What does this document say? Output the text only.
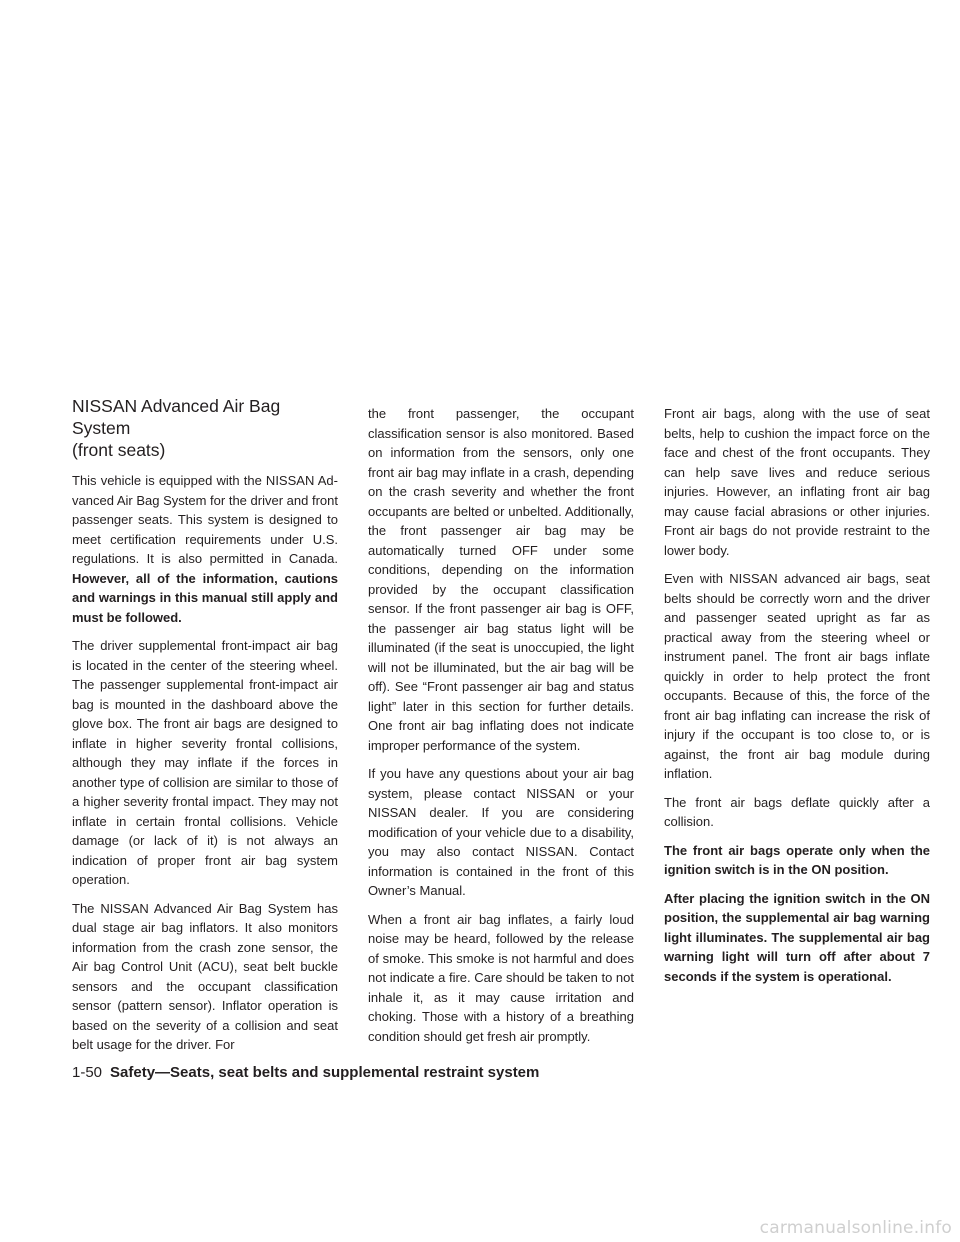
NISSAN Advanced Air Bag System
(front seats)

This vehicle is equipped with the NISSAN Advanced Air Bag System for the driver and front passenger seats. This system is designed to meet certification requirements under U.S. regulations. It is also permitted in Canada. However, all of the information, cautions and warnings in this manual still apply and must be followed.

The driver supplemental front-impact air bag is located in the center of the steering wheel. The passenger supplemental front-impact air bag is mounted in the dashboard above the glove box. The front air bags are designed to inflate in higher severity frontal collisions, although they may inflate if the forces in another type of collision are similar to those of a higher severity frontal impact. They may not inflate in certain frontal collisions. Vehicle damage (or lack of it) is not always an indication of proper front air bag system operation.

The NISSAN Advanced Air Bag System has dual stage air bag inflators. It also monitors information from the crash zone sensor, the Air bag Control Unit (ACU), seat belt buckle sensors and the occupant classification sensor (pattern sensor). Inflator operation is based on the severity of a collision and seat belt usage for the driver. For

the front passenger, the occupant classification sensor is also monitored. Based on information from the sensors, only one front air bag may inflate in a crash, depending on the crash severity and whether the front occupants are belted or unbelted. Additionally, the front passenger air bag may be automatically turned OFF under some conditions, depending on the information provided by the occupant classification sensor. If the front passenger air bag is OFF, the passenger air bag status light will be illuminated (if the seat is unoccupied, the light will not be illuminated, but the air bag will be off). See “Front passenger air bag and status light” later in this section for further details. One front air bag inflating does not indicate improper performance of the system.

If you have any questions about your air bag system, please contact NISSAN or your NISSAN dealer. If you are considering modification of your vehicle due to a disability, you may also contact NISSAN. Contact information is contained in the front of this Owner’s Manual.

When a front air bag inflates, a fairly loud noise may be heard, followed by the release of smoke. This smoke is not harmful and does not indicate a fire. Care should be taken to not inhale it, as it may cause irritation and choking. Those with a history of a breathing condition should get fresh air promptly.

Front air bags, along with the use of seat belts, help to cushion the impact force on the face and chest of the front occupants. They can help save lives and reduce serious injuries. However, an inflating front air bag may cause facial abrasions or other injuries. Front air bags do not provide restraint to the lower body.

Even with NISSAN advanced air bags, seat belts should be correctly worn and the driver and passenger seated upright as far as practical away from the steering wheel or instrument panel. The front air bags inflate quickly in order to help protect the front occupants. Because of this, the force of the front air bag inflating can increase the risk of injury if the occupant is too close to, or is against, the front air bag module during inflation.

The front air bags deflate quickly after a collision.

The front air bags operate only when the ignition switch is in the ON position.

After placing the ignition switch in the ON position, the supplemental air bag warning light illuminates. The supplemental air bag warning light will turn off after about 7 seconds if the system is operational.

1-50 Safety—Seats, seat belts and supplemental restraint system
carmanualsonline.info
